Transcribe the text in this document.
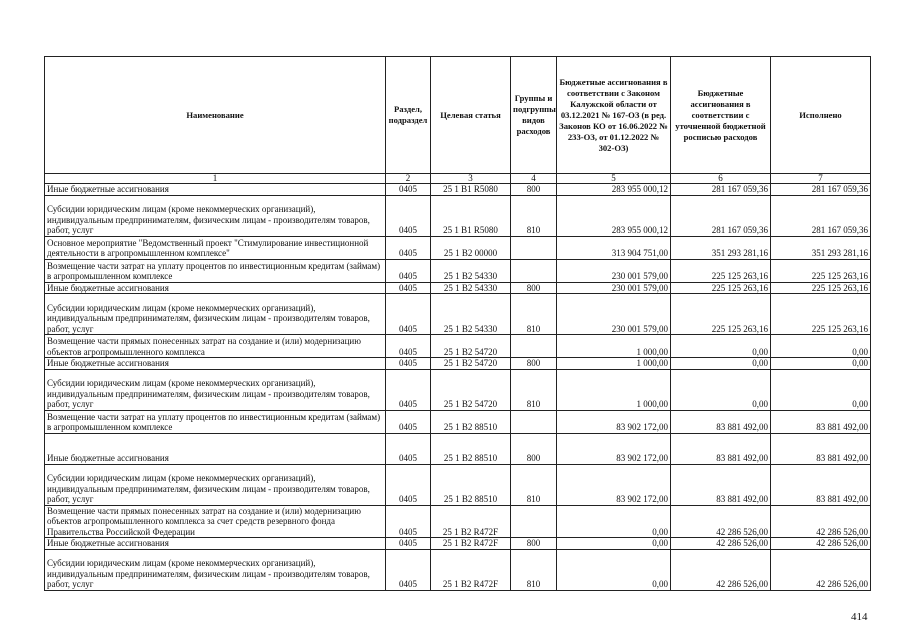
Наименование	Раздел, подраздел	Целевая статья	Группы и подгруппы видов расходов	Бюджетные ассигнования в соответствии с Законом Калужской области от 03.12.2021 № 167-ОЗ (в ред. Законов КО от 16.06.2022 № 233-ОЗ, от 01.12.2022 № 302-ОЗ)	Бюджетные ассигнования в соответствии с уточненной бюджетной росписью расходов	Исполнено
1	2	3	4	5	6	7
Иные бюджетные ассигнования	0405	25 1 B1 R5080	800	283 955 000,12	281 167 059,36	281 167 059,36
Субсидии юридическим лицам (кроме некоммерческих организаций), индивидуальным предпринимателям, физическим лицам - производителям товаров, работ, услуг	0405	25 1 B1 R5080	810	283 955 000,12	281 167 059,36	281 167 059,36
Основное мероприятие "Ведомственный проект "Стимулирование инвестиционной деятельности в агропромышленном комплексе"	0405	25 1 B2 00000		313 904 751,00	351 293 281,16	351 293 281,16
Возмещение части затрат на уплату процентов по инвестиционным кредитам (займам) в агропромышленном комплексе	0405	25 1 B2 54330		230 001 579,00	225 125 263,16	225 125 263,16
Иные бюджетные ассигнования	0405	25 1 B2 54330	800	230 001 579,00	225 125 263,16	225 125 263,16
Субсидии юридическим лицам (кроме некоммерческих организаций), индивидуальным предпринимателям, физическим лицам - производителям товаров, работ, услуг	0405	25 1 B2 54330	810	230 001 579,00	225 125 263,16	225 125 263,16
Возмещение части прямых понесенных затрат на создание и (или) модернизацию объектов агропромышленного комплекса	0405	25 1 B2 54720		1 000,00	0,00	0,00
Иные бюджетные ассигнования	0405	25 1 B2 54720	800	1 000,00	0,00	0,00
Субсидии юридическим лицам (кроме некоммерческих организаций), индивидуальным предпринимателям, физическим лицам - производителям товаров, работ, услуг	0405	25 1 B2 54720	810	1 000,00	0,00	0,00
Возмещение части затрат на уплату процентов по инвестиционным кредитам (займам) в агропромышленном комплексе	0405	25 1 B2 88510		83 902 172,00	83 881 492,00	83 881 492,00
Иные бюджетные ассигнования	0405	25 1 B2 88510	800	83 902 172,00	83 881 492,00	83 881 492,00
Субсидии юридическим лицам (кроме некоммерческих организаций), индивидуальным предпринимателям, физическим лицам - производителям товаров, работ, услуг	0405	25 1 B2 88510	810	83 902 172,00	83 881 492,00	83 881 492,00
Возмещение части прямых понесенных затрат на создание и (или) модернизацию объектов агропромышленного комплекса за счет средств резервного фонда Правительства Российской Федерации	0405	25 1 B2 R472F		0,00	42 286 526,00	42 286 526,00
Иные бюджетные ассигнования	0405	25 1 B2 R472F	800	0,00	42 286 526,00	42 286 526,00
Субсидии юридическим лицам (кроме некоммерческих организаций), индивидуальным предпринимателям, физическим лицам - производителям товаров, работ, услуг	0405	25 1 B2 R472F	810	0,00	42 286 526,00	42 286 526,00
414
